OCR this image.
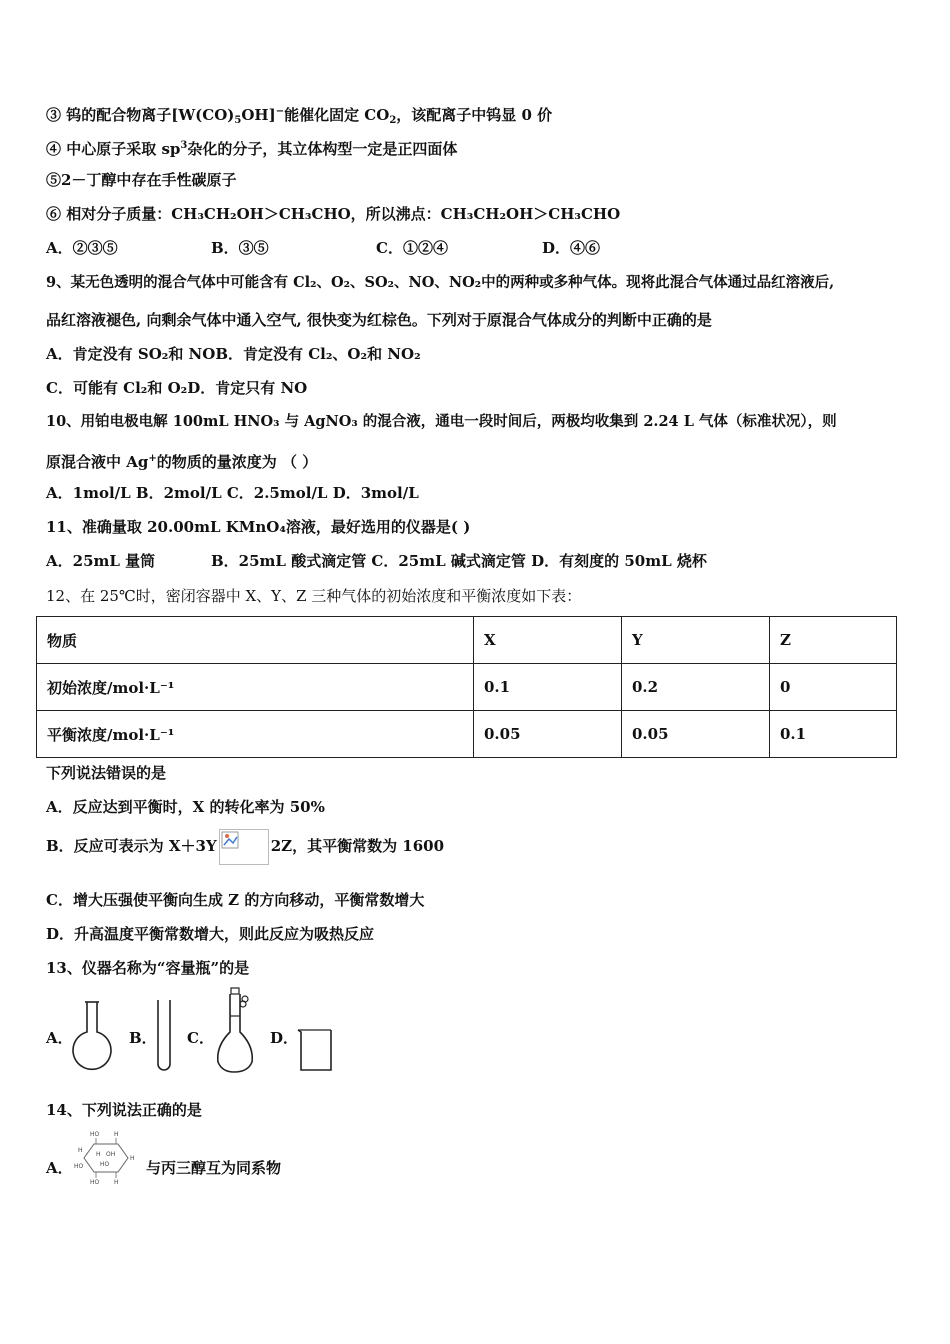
③ 钨的配合物离子$[W(CO)_5OH]^-$能催化固定 $CO_2$，该配离子中钨显 0 价
④ 中心原子采取 $sp^3$杂化的分子，其立体构型一定是正四面体
⑤2－丁醇中存在手性碳原子
⑥ 相对分子质量：CH₃CH₂OH＞CH₃CHO，所以沸点：CH₃CH₂OH＞CH₃CHO
A．②③⑤	B．③⑤	C．①②④	D．④⑥
9、某无色透明的混合气体中可能含有 Cl₂、O₂、SO₂、NO、NO₂中的两种或多种气体。现将此混合气体通过品红溶液后,
品红溶液褪色, 向剩余气体中通入空气, 很快变为红棕色。下列对于原混合气体成分的判断中正确的是
A．肯定没有 SO₂和 NOB．肯定没有 Cl₂、O₂和 NO₂
C．可能有 Cl₂和 O₂D．肯定只有 NO
10、用铂电极电解 100mL HNO₃ 与 AgNO₃ 的混合液，通电一段时间后，两极均收集到 2.24 L 气体（标准状况），则
原混合液中 Ag+的物质的量浓度为 （ ）
A．1mol/L B．2mol/L C．2.5mol/L D．3mol/L
11、准确量取 20.00mL KMnO₄溶液，最好选用的仪器是( )
A．25mL 量筒	B．25mL 酸式滴定管 C．25mL 碱式滴定管 D．有刻度的 50mL 烧杯
12、在 25℃时，密闭容器中 X、Y、Z 三种气体的初始浓度和平衡浓度如下表：
物质	X	Y	Z
初始浓度/mol·L⁻¹	0.1	0.2	0
平衡浓度/mol·L⁻¹	0.05	0.05	0.1
下列说法错误的是
A．反应达到平衡时，X 的转化率为 50%
B．反应可表示为 X＋3Y	2Z，其平衡常数为 1600
C．增大压强使平衡向生成 Z 的方向移动，平衡常数增大
D．升高温度平衡常数增大，则此反应为吸热反应
13、仪器名称为“容量瓶”的是
A．	B． C．	D．
14、下列说法正确的是
A．
HO H
H
HO
H OH
HO
H
H
HO
与丙三醇互为同系物
